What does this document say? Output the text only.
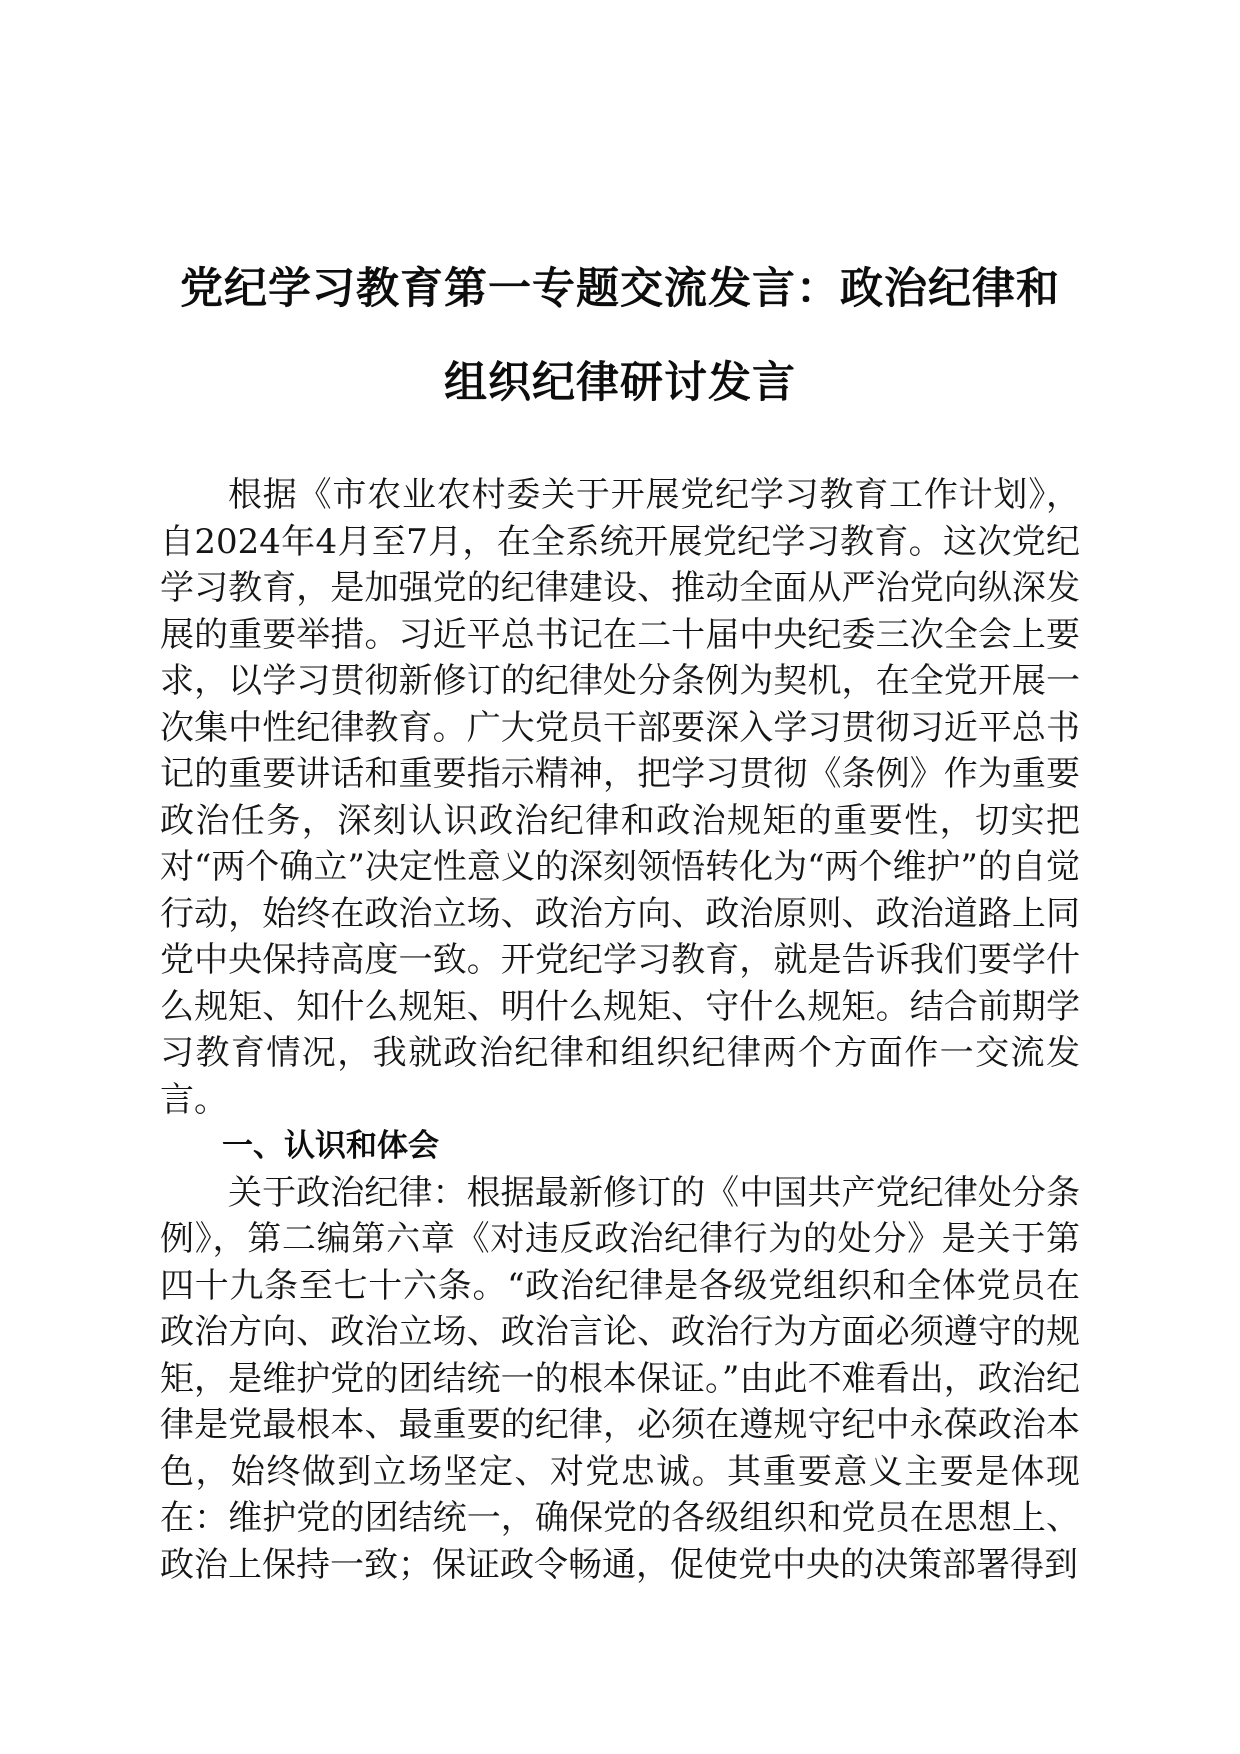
党纪学习教育第一专题交流发言：政治纪律和
组织纪律研讨发言

根据《市农业农村委关于开展党纪学习教育工作计划》，自2024年4月至7月，在全系统开展党纪学习教育。这次党纪学习教育，是加强党的纪律建设、推动全面从严治党向纵深发展的重要举措。习近平总书记在二十届中央纪委三次全会上要求，以学习贯彻新修订的纪律处分条例为契机，在全党开展一次集中性纪律教育。广大党员干部要深入学习贯彻习近平总书记的重要讲话和重要指示精神，把学习贯彻《条例》作为重要政治任务，深刻认识政治纪律和政治规矩的重要性，切实把对“两个确立”决定性意义的深刻领悟转化为“两个维护”的自觉行动，始终在政治立场、政治方向、政治原则、政治道路上同党中央保持高度一致。开党纪学习教育，就是告诉我们要学什么规矩、知什么规矩、明什么规矩、守什么规矩。结合前期学习教育情况，我就政治纪律和组织纪律两个方面作一交流发言。

一、认识和体会

关于政治纪律：根据最新修订的《中国共产党纪律处分条例》，第二编第六章《对违反政治纪律行为的处分》是关于第四十九条至七十六条。“政治纪律是各级党组织和全体党员在政治方向、政治立场、政治言论、政治行为方面必须遵守的规矩，是维护党的团结统一的根本保证。”由此不难看出，政治纪律是党最根本、最重要的纪律，必须在遵规守纪中永葆政治本色，始终做到立场坚定、对党忠诚。其重要意义主要是体现在：维护党的团结统一，确保党的各级组织和党员在思想上、政治上保持一致；保证政令畅通，促使党中央的决策部署得到
